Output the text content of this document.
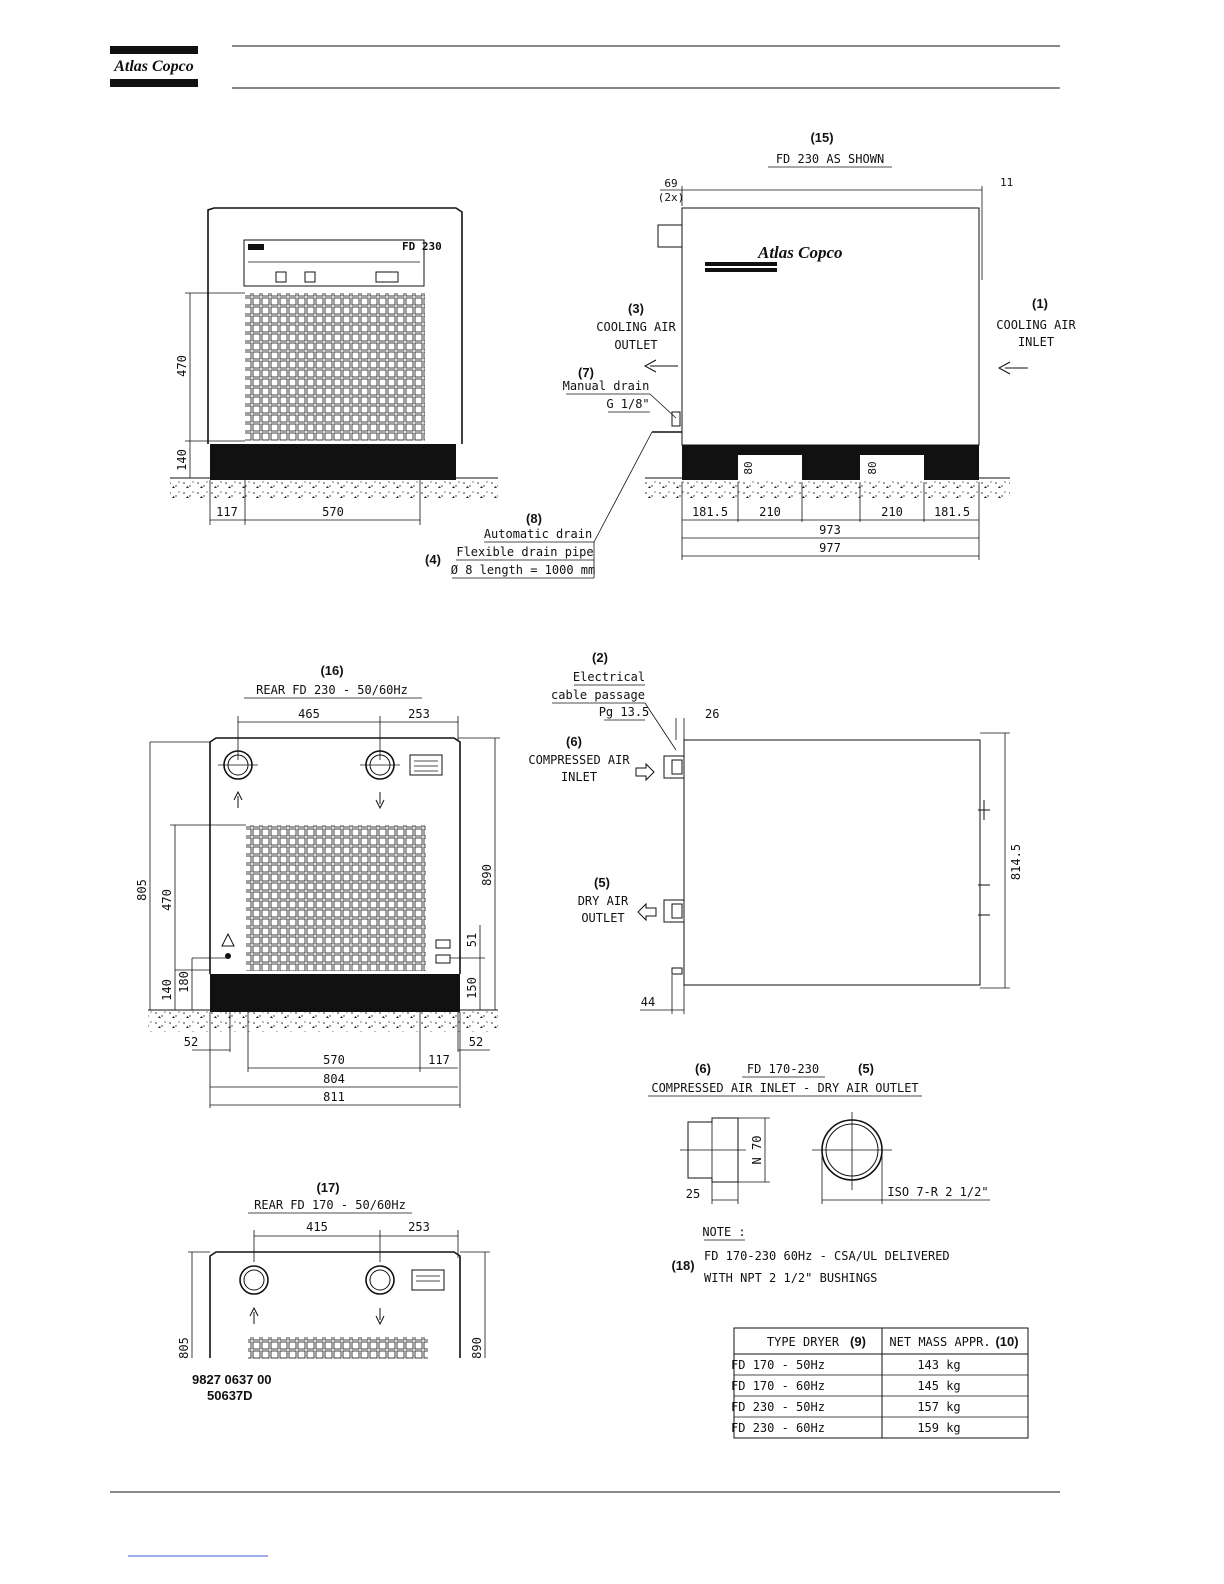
Atlas Copco
FD 230
470
140
117	570
(15)
FD 230 AS SHOWN
Atlas Copco
69
(2x)
11
80	80
181.5	210	210	181.5
973
977
(3)
COOLING AIR
OUTLET
(1)
COOLING AIR
INLET
(7)
Manual drain
G 1/8"
(8)
Automatic drain
Flexible drain pipe
(4)
Ø 8 length = 1000 mm
(16)
REAR FD 230 - 50/60Hz
465	253
805 470
140 180
890
51
150
52	52
570	117
804
811
(2)
Electrical
cable passage
Pg 13.5	26
814.5
(6)
COMPRESSED AIR
INLET
(5)
DRY AIR
OUTLET
44
(6)	FD 170-230	(5)
COMPRESSED AIR INLET - DRY AIR OUTLET
N 70
25	ISO 7-R 2 1/2"
NOTE :
(18)
FD 170-230 60Hz - CSA/UL DELIVERED
WITH NPT 2 1/2" BUSHINGS
(17)
REAR FD 170 - 50/60Hz
415	253
805	890
9827 0637 00
50637D
TYPE DRYER (9) NET MASS APPR. (10)
FD 170 - 50Hz	143 kg
FD 170 - 60Hz	145 kg
FD 230 - 50Hz	157 kg
FD 230 - 60Hz	159 kg
